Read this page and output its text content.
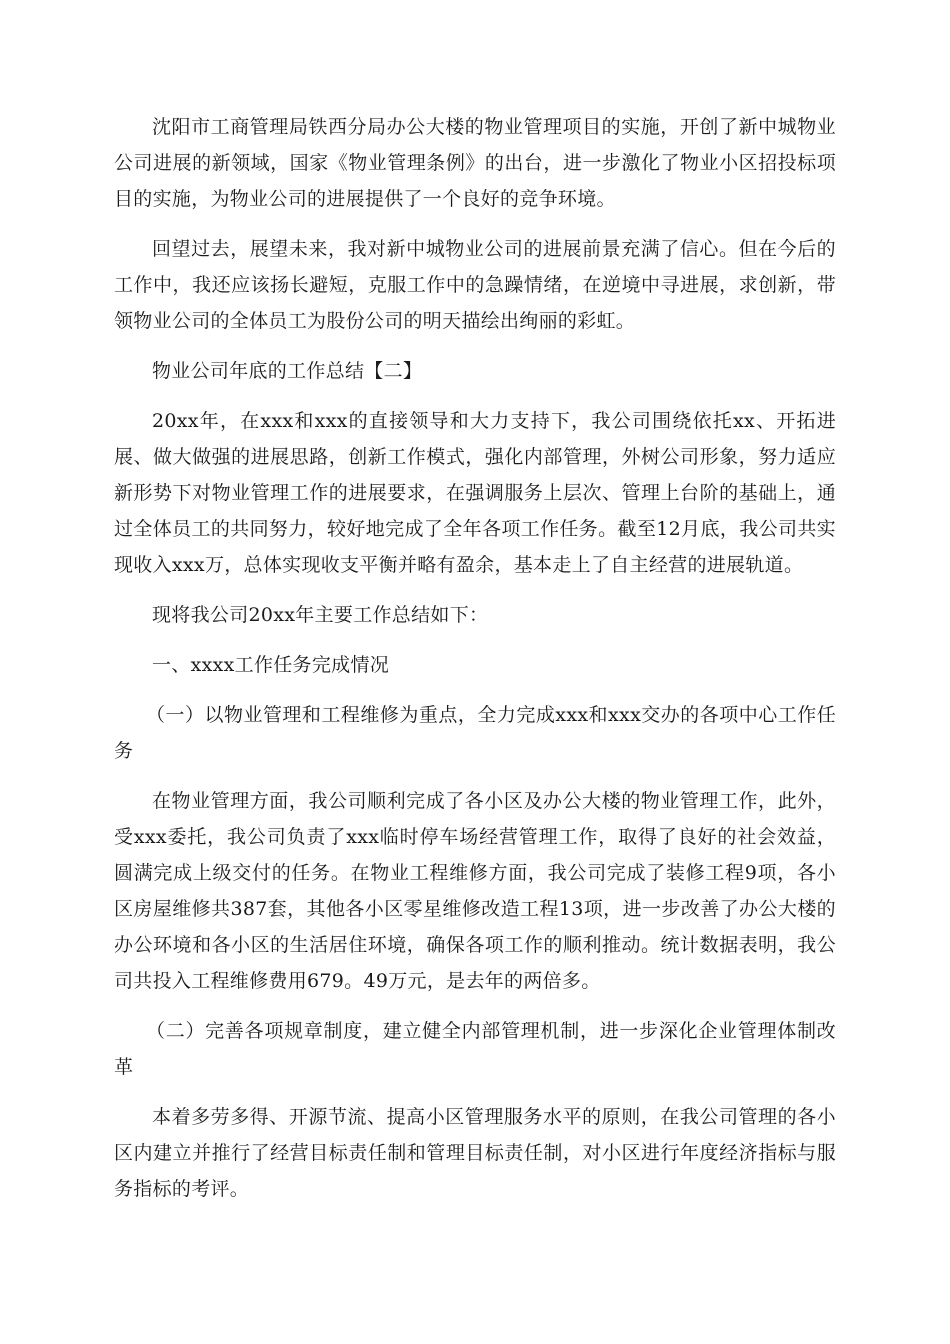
沈阳市工商管理局铁西分局办公大楼的物业管理项目的实施，开创了新中城物业公司进展的新领域，国家《物业管理条例》的出台，进一步激化了物业小区招投标项目的实施，为物业公司的进展提供了一个良好的竞争环境。

回望过去，展望未来，我对新中城物业公司的进展前景充满了信心。但在今后的工作中，我还应该扬长避短，克服工作中的急躁情绪，在逆境中寻进展，求创新，带领物业公司的全体员工为股份公司的明天描绘出绚丽的彩虹。

物业公司年底的工作总结【二】

20xx年，在xxx和xxx的直接领导和大力支持下，我公司围绕依托xx、开拓进展、做大做强的进展思路，创新工作模式，强化内部管理，外树公司形象，努力适应新形势下对物业管理工作的进展要求，在强调服务上层次、管理上台阶的基础上，通过全体员工的共同努力，较好地完成了全年各项工作任务。截至12月底，我公司共实现收入xxx万，总体实现收支平衡并略有盈余，基本走上了自主经营的进展轨道。

现将我公司20xx年主要工作总结如下：

一、xxxx工作任务完成情况

（一）以物业管理和工程维修为重点，全力完成xxx和xxx交办的各项中心工作任务

在物业管理方面，我公司顺利完成了各小区及办公大楼的物业管理工作，此外，受xxx委托，我公司负责了xxx临时停车场经营管理工作，取得了良好的社会效益，圆满完成上级交付的任务。在物业工程维修方面，我公司完成了装修工程9项，各小区房屋维修共387套，其他各小区零星维修改造工程13项，进一步改善了办公大楼的办公环境和各小区的生活居住环境，确保各项工作的顺利推动。统计数据表明，我公司共投入工程维修费用679。49万元，是去年的两倍多。

（二）完善各项规章制度，建立健全内部管理机制，进一步深化企业管理体制改革

本着多劳多得、开源节流、提高小区管理服务水平的原则，在我公司管理的各小区内建立并推行了经营目标责任制和管理目标责任制，对小区进行年度经济指标与服务指标的考评。
